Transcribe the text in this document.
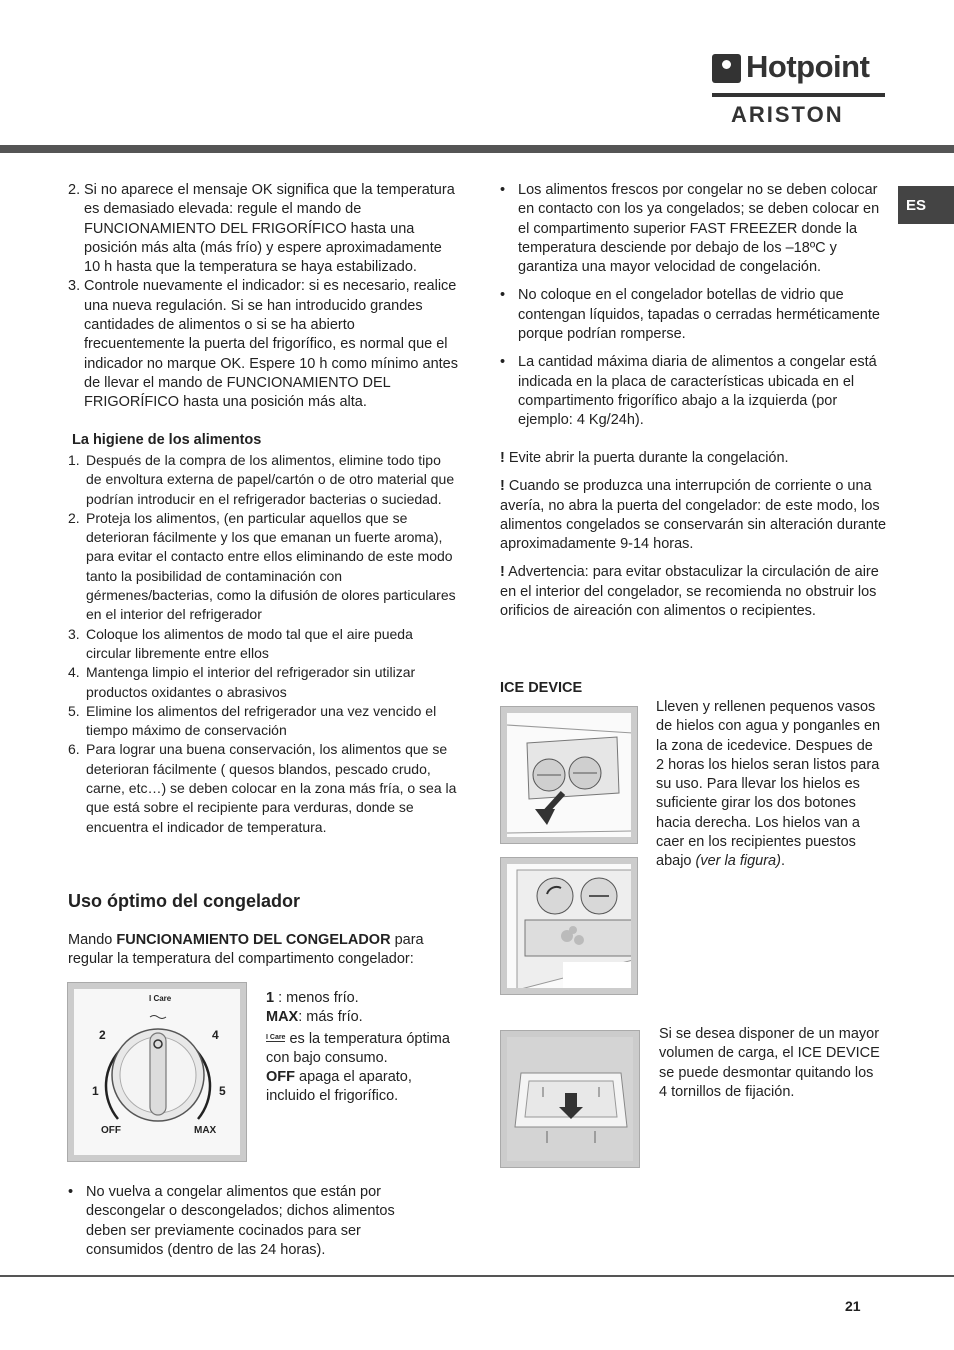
Hotpoint
ARISTON
ES
2. Si no aparece el mensaje OK significa que la temperatura es demasiado elevada: regule el mando de FUNCIONAMIENTO DEL FRIGORÍFICO hasta una posición más alta (más frío) y espere aproximadamente 10 h hasta que la temperatura se haya estabilizado.
3. Controle nuevamente el indicador: si es necesario, realice una nueva regulación. Si se han introducido grandes cantidades de alimentos o si se ha abierto frecuentemente la puerta del frigorífico, es normal que el indicador no marque OK. Espere 10 h como mínimo antes de llevar el mando de FUNCIONAMIENTO DEL FRIGORÍFICO hasta una posición más alta.
La higiene de los alimentos
1. Después de la compra de los alimentos, elimine todo tipo de envoltura externa de papel/cartón o de otro material que podrían introducir en el refrigerador bacterias o suciedad.
2. Proteja los alimentos, (en particular aquellos que se deterioran fácilmente y los que emanan un fuerte aroma), para evitar el contacto entre ellos eliminando de este modo tanto la posibilidad de contaminación con gérmenes/bacterias, como la difusión de olores particulares en el interior del refrigerador
3. Coloque los alimentos de modo tal que el aire pueda circular libremente entre ellos
4. Mantenga limpio el interior del refrigerador sin utilizar productos oxidantes o abrasivos
5. Elimine los alimentos del refrigerador una vez vencido el tiempo máximo de conservación
6. Para lograr una buena conservación, los alimentos que se deterioran fácilmente ( quesos blandos, pescado crudo, carne, etc…) se deben colocar en la zona más fría, o sea la que está sobre el recipiente para verduras, donde se encuentra el indicador de temperatura.
Uso óptimo del congelador
Mando FUNCIONAMIENTO DEL CONGELADOR para regular la temperatura del compartimento congelador:
I Care
2	4
1	5
OFF	MAX
1 : menos frío.
MAX: más frío.
$^{I Care}$ es la temperatura óptima con bajo consumo.
OFF apaga el aparato, incluido el frigorífico.
• No vuelva a congelar alimentos que están por descongelar o descongelados; dichos alimentos deben ser previamente cocinados para ser consumidos (dentro de las 24 horas).
• Los alimentos frescos por congelar no se deben colocar en contacto con los ya congelados; se deben colocar en el compartimento superior FAST FREEZER donde la temperatura desciende por debajo de los –18ºC y garantiza una mayor velocidad de congelación.
• No coloque en el congelador botellas de vidrio que contengan líquidos, tapadas o cerradas herméticamente porque podrían romperse.
• La cantidad máxima diaria de alimentos a congelar está indicada en la placa de características ubicada en el compartimento frigorífico abajo a la izquierda (por ejemplo: 4 Kg/24h).
! Evite abrir la puerta durante la congelación.
! Cuando se produzca una interrupción de corriente o una avería, no abra la puerta del congelador: de este modo, los alimentos congelados se conservarán sin alteración durante aproximadamente 9-14 horas.
! Advertencia: para evitar obstaculizar la circulación de aire en el interior del congelador, se recomienda no obstruir los orificios de aireación con alimentos o recipientes.
ICE DEVICE
Lleven y rellenen pequenos vasos de hielos con agua y ponganles en la zona de icedevice. Despues de 2 horas los hielos seran listos para su uso. Para llevar los hielos es suficiente girar los dos botones hacia derecha. Los hielos van a caer en los recipientes puestos abajo (ver la figura).
Si se desea disponer de un mayor volumen de carga, el ICE DEVICE se puede desmontar quitando los 4 tornillos de fijación.
21
